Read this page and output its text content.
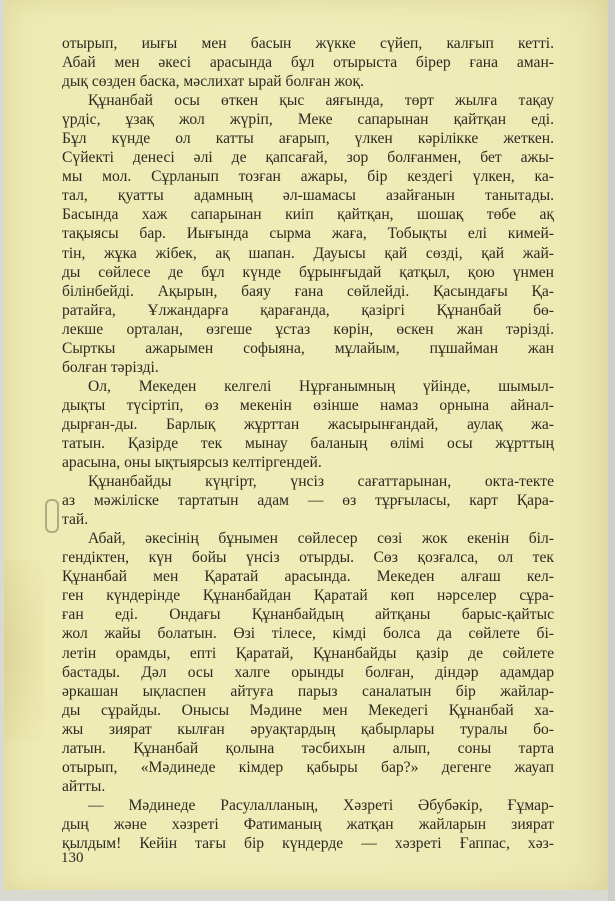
отырып, иығы мен басын жүкке сүйеп, калғып кетті.
Абай мен әкесі арасында бұл отырыста бірер ғана аман-
дық сөзден баска, мәслихат ырай болған жоқ.
Құнанбай осы өткен қыс аяғында, төрт жылға тақау
үрдіс, ұзақ жол жүріп, Меке сапарынан қайтқан еді.
Бұл күнде ол катты ағарып, үлкен кәрілікке жеткен.
Сүйекті денесі әлі де қапсағай, зор болғанмен, бет ажы-
мы мол. Сұрланып тозған ажары, бір кездегі үлкен, ка-
тал, қуатты адамның әл-шамасы азайғанын танытады.
Басында хаж сапарынан киіп қайтқан, шошақ төбе ақ
тақыясы бар. Иығында сырма жаға, Тобықты елі кимей-
тін, жұка жібек, ақ шапан. Дауысы қай сөзді, қай жай-
ды сөйлесе де бұл күнде бұрынғыдай қатқыл, қою үнмен
білінбейді. Ақырын, баяу ғана сөйлейді. Қасындағы Қа-
ратайға, Ұлжандарға қарағанда, қазіргі Құнанбай бө-
лекше орталан, өзгеше ұстаз көрін, өскен жан тәрізді.
Сырткы ажарымен софыяна, мұлайым, пұшайман жан
болған тәрізді.
Ол, Мекеден келгелі Нұрғанымның үйінде, шымыл-
дықты түсіртіп, өз мекенін өзінше намаз орнына айнал-
дырған-ды. Барлық жұрттан жасырынғандай, аулақ жа-
татын. Қазірде тек мынау баланың өлімі осы жұрттың
арасына, оны ықтыярсыз келтіргендей.
Құнанбайды күңгірт, үнсіз сағаттарынан, окта-текте
аз мәжіліске тартатын адам — өз тұрғыласы, карт Қара-
тай.
Абай, әкесінің бұнымен сөйлесер сөзі жок екенін біл-
гендіктен, күн бойы үнсіз отырды. Сөз қозғалса, ол тек
Құнанбай мен Қаратай арасында. Мекеден алғаш кел-
ген күндерінде Құнанбайдан Қаратай көп нәрселер сұра-
ған еді. Ондағы Құнанбайдың айтқаны барыс-қайтыс
жол жайы болатын. Өзі тілесе, кімді болса да сөйлете бі-
летін орамды, епті Қаратай, Құнанбайды қазір де сөйлете
бастады. Дәл осы халге орынды болған, діндәр адамдар
әркашан ықласпен айтуға парыз саналатын бір жайлар-
ды сұрайды. Онысы Мәдине мен Мекедегі Құнанбай ха-
жы зиярат кылған әруақтардың қабырлары туралы бо-
латын. Құнанбай қолына тәсбихын алып, соны тарта
отырып, «Мәдинеде кімдер қабыры бар?» дегенге жауап
айтты.
— Мәдинеде Расулалланың, Хәзреті Әбубәкір, Ғұмар-
дың және хәзреті Фатиманың жатқан жайларын зиярат
қылдым! Кейін тағы бір күндерде — хәзреті Ғаппас, хәз-
130
